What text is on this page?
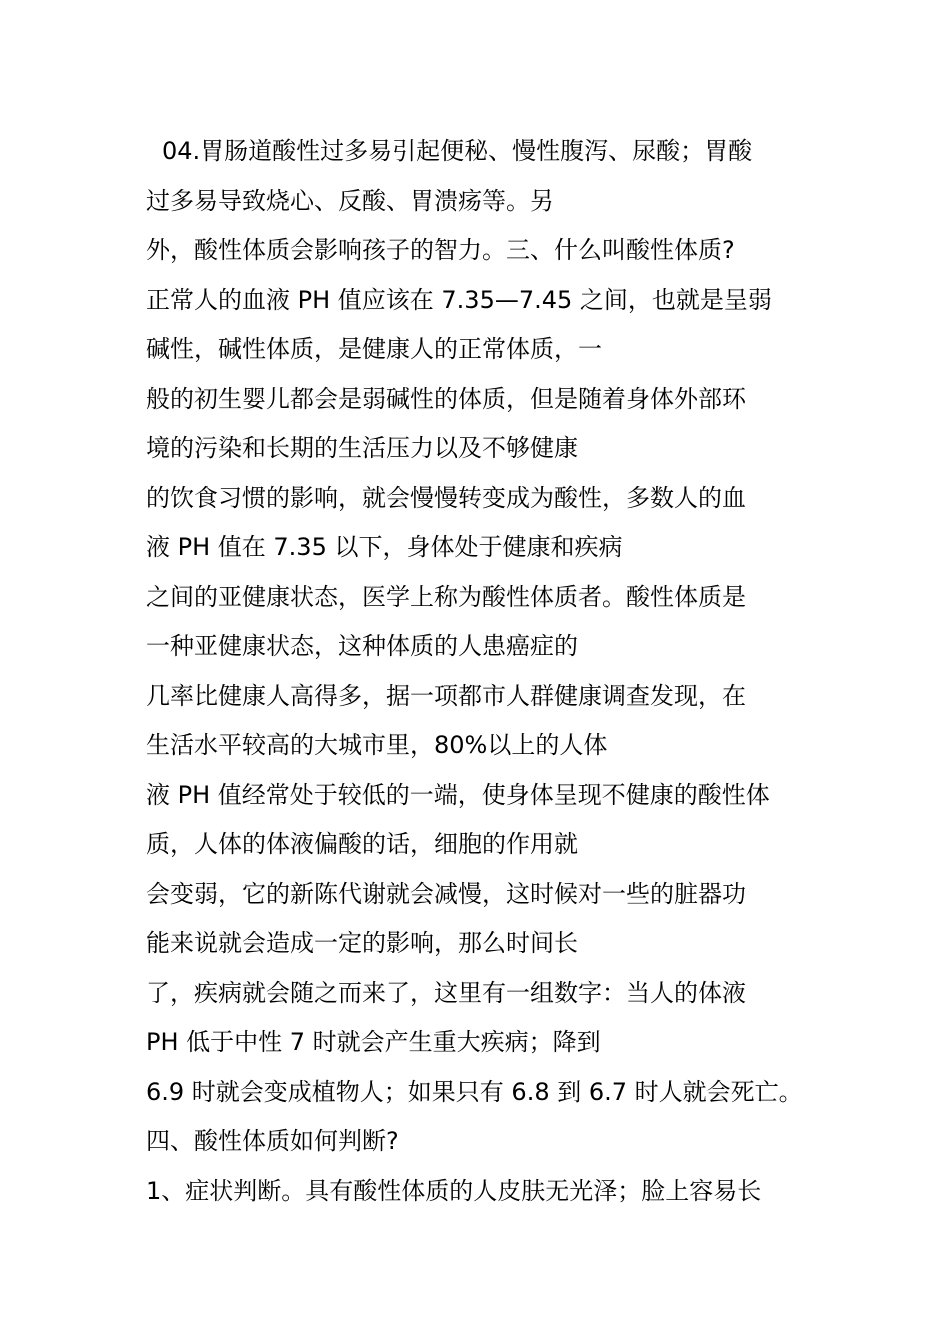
04.胃肠道酸性过多易引起便秘、慢性腹泻、尿酸；胃酸
过多易导致烧心、反酸、胃溃疡等。另
外，酸性体质会影响孩子的智力。三、什么叫酸性体质?
正常人的血液 PH 值应该在 7.35—7.45 之间，也就是呈弱
碱性，碱性体质，是健康人的正常体质，一
般的初生婴儿都会是弱碱性的体质，但是随着身体外部环
境的污染和长期的生活压力以及不够健康
的饮食习惯的影响，就会慢慢转变成为酸性，多数人的血
液 PH 值在 7.35 以下，身体处于健康和疾病
之间的亚健康状态，医学上称为酸性体质者。酸性体质是
一种亚健康状态，这种体质的人患癌症的
几率比健康人高得多，据一项都市人群健康调查发现，在
生活水平较高的大城市里，80%以上的人体
液 PH 值经常处于较低的一端，使身体呈现不健康的酸性体
质，人体的体液偏酸的话，细胞的作用就
会变弱，它的新陈代谢就会减慢，这时候对一些的脏器功
能来说就会造成一定的影响，那么时间长
了，疾病就会随之而来了，这里有一组数字：当人的体液
PH 低于中性 7 时就会产生重大疾病；降到
6.9 时就会变成植物人；如果只有 6.8 到 6.7 时人就会死亡。
四、酸性体质如何判断?
1、症状判断。具有酸性体质的人皮肤无光泽；脸上容易长
